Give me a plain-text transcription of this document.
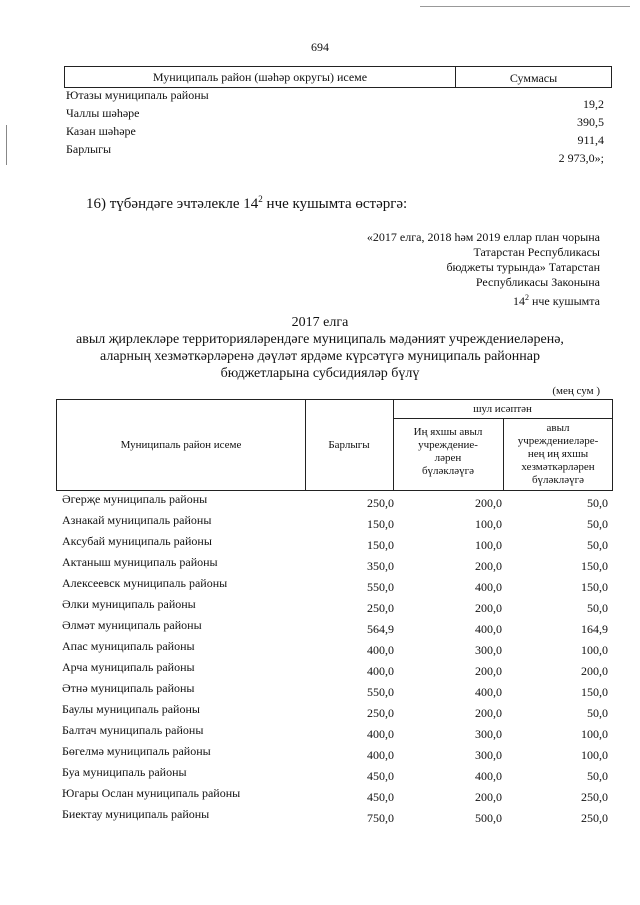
694
Муниципаль район (шәһәр округы) исеме	Суммасы
Ютазы муниципаль районы
19,2
Чаллы шәһәре
390,5
Казан шәһәре
911,4
Барлыгы
2 973,0»;
16) түбәндәге эчтәлекле $14^2$ нче кушымта өстәргә:
«2017 елга, 2018 һәм 2019 еллар план чорына
Татарстан Республикасы
бюджеты турында» Татарстан
Республикасы Законына
$14^2$ нче кушымта
2017 елга
авыл җирлекләре территорияләрендәге муниципаль мәдәният учреждениеләренә,
аларның хезмәткәрләренә дәүләт ярдәме күрсәтүгә муниципаль районнар
бюджетларына субсидияләр бүлү
(мең сум )
Муниципаль район исеме	Барлыгы
шул исәптән
Иң яхшы авыл
учреждение-
ләрен
бүләкләүгә
авыл
учреждениеләре-
нең иң яхшы
хезмәткәрләрен
бүләкләүгә
Әгерҗе муниципаль районы	250,0	200,0	50,0
Азнакай муниципаль районы	150,0	100,0	50,0
Аксубай муниципаль районы	150,0	100,0	50,0
Актаныш муниципаль районы	350,0	200,0	150,0
Алексеевск муниципаль районы	550,0	400,0	150,0
Әлки муниципаль районы	250,0	200,0	50,0
Әлмәт муниципаль районы	564,9	400,0	164,9
Апас муниципаль районы	400,0	300,0	100,0
Арча муниципаль районы	400,0	200,0	200,0
Әтнә муниципаль районы	550,0	400,0	150,0
Баулы муниципаль районы	250,0	200,0	50,0
Балтач муниципаль районы	400,0	300,0	100,0
Бөгелмә муниципаль районы	400,0	300,0	100,0
Буа муниципаль районы	450,0	400,0	50,0
Югары Ослан муниципаль районы	450,0	200,0	250,0
Биектау муниципаль районы	750,0	500,0	250,0
